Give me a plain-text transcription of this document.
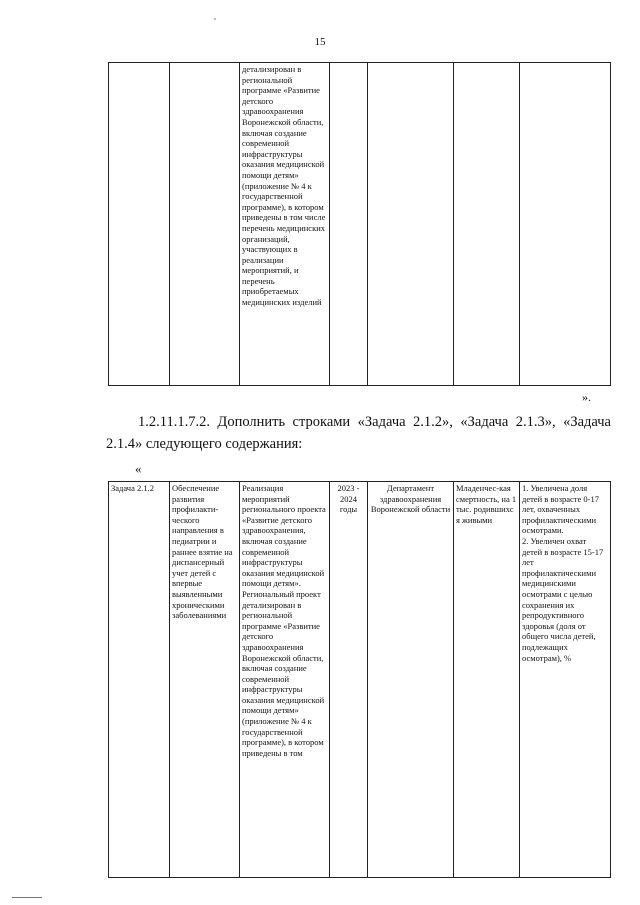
15
		детализирован в региональной программе «Развитие детского здравоохранения Воронежской области, включая создание современной инфраструктуры оказания медицинской помощи детям» (приложение № 4 к государственной программе), в котором приведены в том числе перечень медицинских организаций, участвующих в реализации мероприятий, и перечень приобретаемых медицинских изделий				
».
1.2.11.1.7.2. Дополнить строками «Задача 2.1.2», «Задача 2.1.3», «Задача 2.1.4» следующего содержания:
«
Задача 2.1.2	Обеспечение развития профилакти-ческого направления в педиатрии и раннее взятие на диспансерный учет детей с впервые выявленными хроническими заболеваниями	Реализация мероприятий регионального проекта «Развитие детского здравоохранения, включая создание современной инфраструктуры оказания медицинской помощи детям». Региональный проект детализирован в региональной программе «Развитие детского здравоохранения Воронежской области, включая создание современной инфраструктуры оказания медицинской помощи детям» (приложение № 4 к государственной программе), в котором приведены в том	2023 - 2024 годы	Департамент здравоохранения Воронежской области	Младенчес-кая смертность, на 1 тыс. родившихс я живыми	1. Увеличена доля детей в возрасте 0-17 лет, охваченных профилактическими осмотрами.
2. Увеличен охват детей в возрасте 15-17 лет профилактическими медицинскими осмотрами с целью сохранения их репродуктивного здоровья (доля от общего числа детей, подлежащих осмотрам), %
